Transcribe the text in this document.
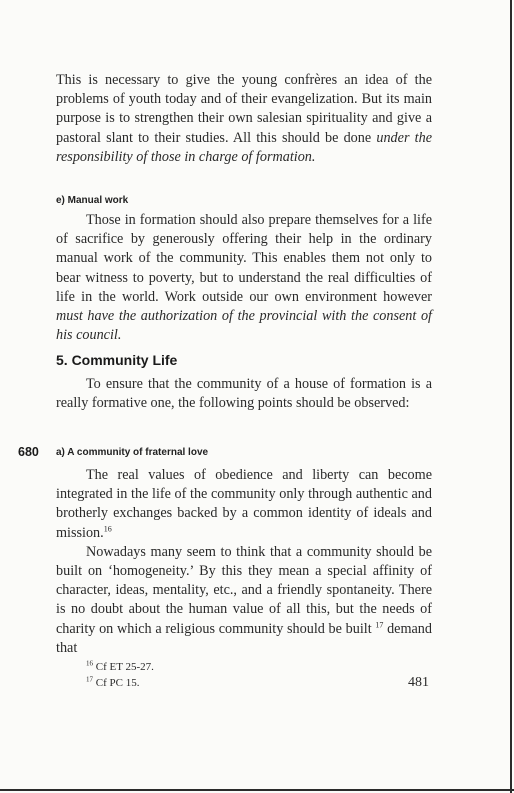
This is necessary to give the young confrères an idea of the problems of youth today and of their evangelization. But its main purpose is to strengthen their own salesian spirituality and give a pastoral slant to their studies. All this should be done under the responsibility of those in charge of formation.

e) Manual work

Those in formation should also prepare themselves for a life of sacrifice by generously offering their help in the ordinary manual work of the community. This enables them not only to bear witness to poverty, but to understand the real difficulties of life in the world. Work outside our own environment however must have the authorization of the provincial with the consent of his council.

5. Community Life

To ensure that the community of a house of formation is a really formative one, the following points should be observed:

680 a) A community of fraternal love

The real values of obedience and liberty can become integrated in the life of the community only through authentic and brotherly exchanges backed by a common identity of ideals and mission.$^{16}$

Nowadays many seem to think that a community should be built on ‘homogeneity.’ By this they mean a special affinity of character, ideas, mentality, etc., and a friendly spontaneity. There is no doubt about the human value of all this, but the needs of charity on which a religious community should be built $^{17}$ demand that

$^{16}$ Cf ET 25-27.
$^{17}$ Cf PC 15.	481
